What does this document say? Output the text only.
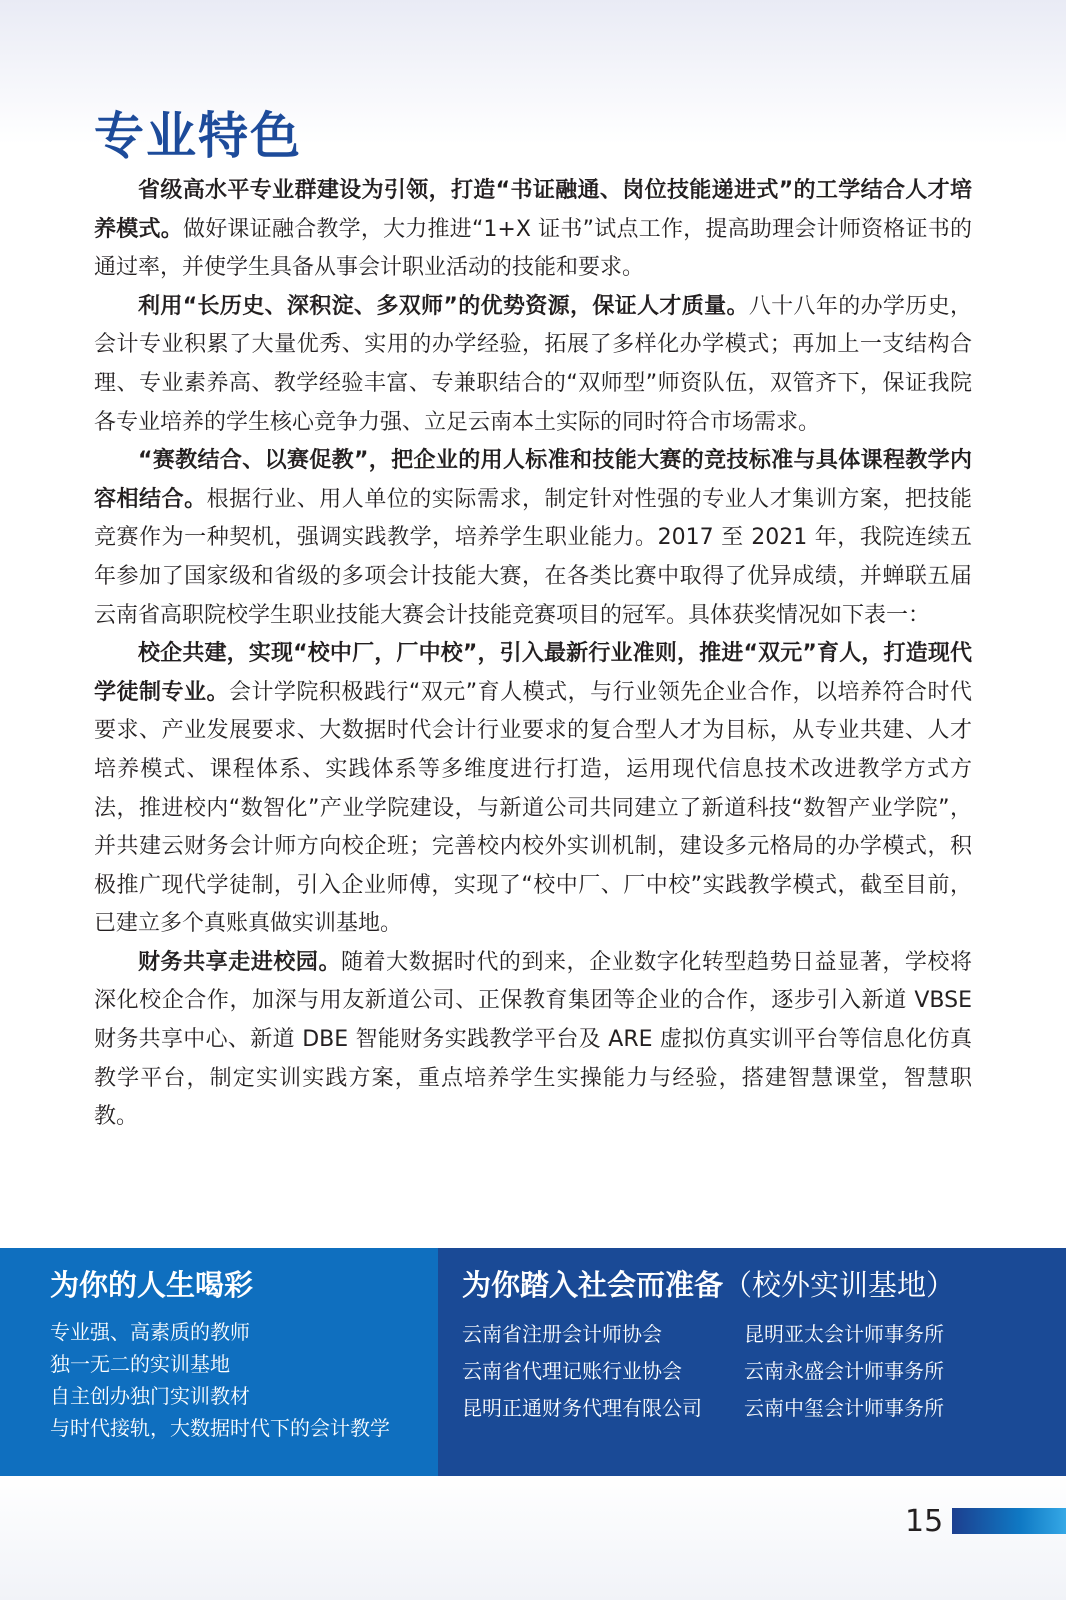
专业特色

省级高水平专业群建设为引领，打造“书证融通、岗位技能递进式”的工学结合人才培养模式。做好课证融合教学，大力推进“1+X 证书”试点工作，提高助理会计师资格证书的通过率，并使学生具备从事会计职业活动的技能和要求。

利用“长历史、深积淀、多双师”的优势资源，保证人才质量。八十八年的办学历史，会计专业积累了大量优秀、实用的办学经验，拓展了多样化办学模式；再加上一支结构合理、专业素养高、教学经验丰富、专兼职结合的“双师型”师资队伍，双管齐下，保证我院各专业培养的学生核心竞争力强、立足云南本土实际的同时符合市场需求。

“赛教结合、以赛促教”，把企业的用人标准和技能大赛的竞技标准与具体课程教学内容相结合。根据行业、用人单位的实际需求，制定针对性强的专业人才集训方案，把技能竞赛作为一种契机，强调实践教学，培养学生职业能力。2017 至 2021 年，我院连续五年参加了国家级和省级的多项会计技能大赛，在各类比赛中取得了优异成绩，并蝉联五届云南省高职院校学生职业技能大赛会计技能竞赛项目的冠军。具体获奖情况如下表一：

校企共建，实现“校中厂，厂中校”，引入最新行业准则，推进“双元”育人，打造现代学徒制专业。会计学院积极践行“双元”育人模式，与行业领先企业合作，以培养符合时代要求、产业发展要求、大数据时代会计行业要求的复合型人才为目标，从专业共建、人才培养模式、课程体系、实践体系等多维度进行打造，运用现代信息技术改进教学方式方法，推进校内“数智化”产业学院建设，与新道公司共同建立了新道科技“数智产业学院”，并共建云财务会计师方向校企班；完善校内校外实训机制，建设多元格局的办学模式，积极推广现代学徒制，引入企业师傅，实现了“校中厂、厂中校”实践教学模式，截至目前，已建立多个真账真做实训基地。

财务共享走进校园。随着大数据时代的到来，企业数字化转型趋势日益显著，学校将深化校企合作，加深与用友新道公司、正保教育集团等企业的合作，逐步引入新道 VBSE 财务共享中心、新道 DBE 智能财务实践教学平台及 ARE 虚拟仿真实训平台等信息化仿真教学平台，制定实训实践方案，重点培养学生实操能力与经验，搭建智慧课堂，智慧职教。

为你的人生喝彩
专业强、高素质的教师
独一无二的实训基地
自主创办独门实训教材
与时代接轨，大数据时代下的会计教学
为你踏入社会而准备（校外实训基地）
云南省注册会计师协会	昆明亚太会计师事务所
云南省代理记账行业协会	云南永盛会计师事务所
昆明正通财务代理有限公司	云南中玺会计师事务所
15
